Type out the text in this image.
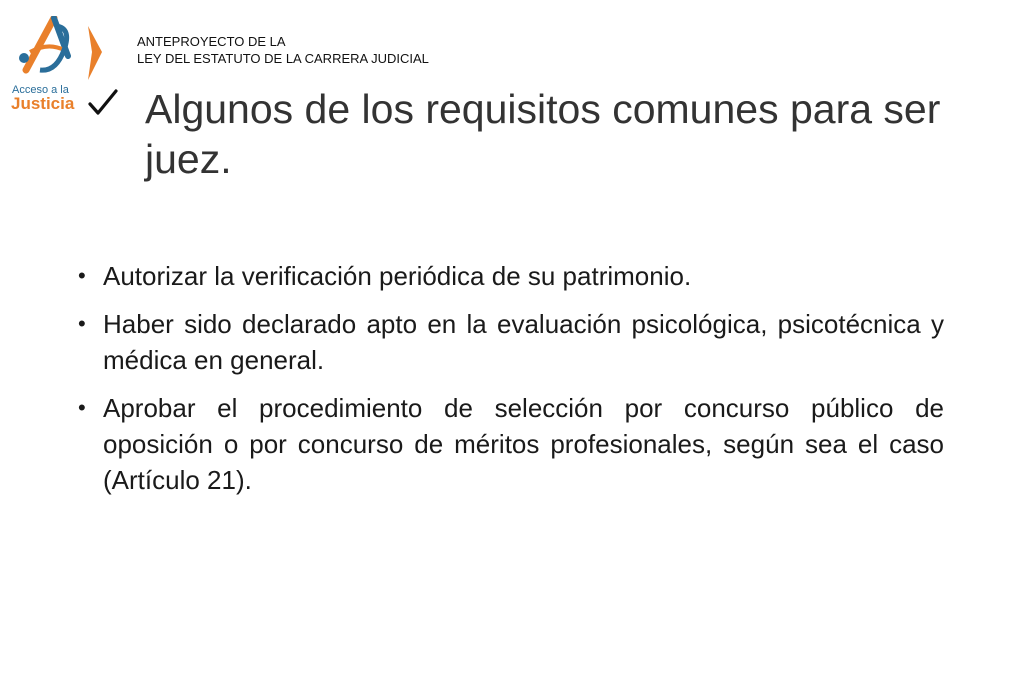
Acceso a la
Justicia
ANTEPROYECTO DE LA
LEY DEL ESTATUTO DE LA CARRERA JUDICIAL
Algunos de los requisitos comunes para ser juez.
• Autorizar la verificación periódica de su patrimonio.
• Haber sido declarado apto en la evaluación psicológica, psicotécnica y médica en general.
• Aprobar el procedimiento de selección por concurso público de oposición o por concurso de méritos profesionales, según sea el caso (Artículo 21).
